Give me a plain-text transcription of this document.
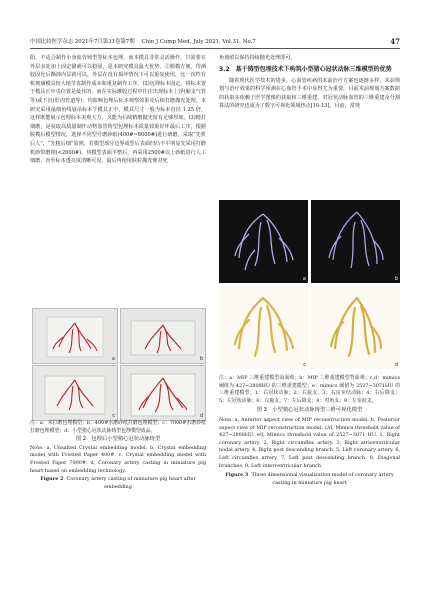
中国比较医学杂志 2021年7月第31卷第7期 Chin J Comp Med, July 2021, Vol.31, No.7	47

阳，不适合制作小身血管铸型等标本包埋，而本模具非常灵活操作，只需要在外层多处加上固定锚就可以稳固，是本研究模具最大优势。⑤脱模方便，待测胶固化后撕掉内层就可以，外层在没有损坏情况下可以重复使用，比一次性有机玻璃模具较大地节省制作成本和重复制作工序。(2)包埋标本固定，将标本置于模具正中央位置是最佳的，而在实际灌胶过程中往往出现标本上浮(肺支气管等)或下沉(肝内管道等)，均影响包埋后标本观察效果及后续打磨抛光处理。本研究采用最细鱼线悬吊标本于模具正中，模具尺寸一般为标本直径 1.25 倍，这样既能展示包埋标本美观大方，又能为后续精磨抛光留有足够厚度。(3)精打细磨，是获取高质量制作动物血管铸型包埋标本质量效果好坏最后工序，根据脱模后模型情况，选择不同型号磨砂纸(400#~8000#)进行研磨，采取“先机后人”、“先粗后细”原则，若模型部分边界成型后表面凹凸不平明显先采用打磨机砂带磨削(<2000#)，待模型表面平整后，再采用2500#以上砂纸进行人工细磨，直至标本透亮度清晰可见，最后再使用肤粒抛光膏对死

a	b
c	d
注：a：未打磨包埋模型；b：400#水磨砂纸打磨包埋模型；c：7000#水磨砂纸打磨包埋模型；d：小型猪心冠状动脉铸型包埋模型成品。
图 2　包埋后小型猪心冠状动脉铸型
Note. a, Unsalted Crystal embedding model. b, Crystal embedding model with Frosted Paper 400#. c, Crystal embedding model with Frosted Paper 7000#. d, Coronary artery casting in miniature pig heart based on embedding technology.
Figure 2 Coronary artery casting of miniature pig heart after embedding

角划痕以保持持续抛光处理即可。

3.2　基于铸型包埋技术下构筑小型猪心冠状动脉三维模型的优势

随着现代医学技术的进步，心血管疾病的术前治疗方案也逐渐多样，术前规划与治疗效果的科学预测在心血管手术中显得尤为重要，目前术前规划方案数据的获取多依赖于医学图像的获取和三维重建，对冠状动脉血管的三维重建及分割算法的研究也成为了数字可视化领域热点[10-13]。目前，常规

a	b
c	d
注：a：MIP 三维重建模型前面观；b：MIP 三维重建模型背面观；c,d：mimics 阈值为 427~2808HU 的三维重建模型；e：mimics 阈值为 2527~3071HU 的三维重建模型。1：右冠状动脉；2：右旋支；3：右房室结动脉；4：右后降支；5：左冠状动脉；6：左旋支；7：左后降支；8：对角支；9：左室间支。
图 3　小型猪心冠状动脉铸型三维可视化模型
Note. a, Anterior aspect view of MIP reconstruction model. b, Posterior aspect view of MIP reconstruction model. c/d, Mimics threshold value of 427~2808HU. e/f, Mimics threshold value of 2527~3071 HU. 1, Right coronary artery. 2, Right circumflex artery. 3, Right atrioventricular nodal artery. 4, Right post descending branch. 5, Left coronary artery. 6, Left circumflex artery. 7, Left post descending branch. 8, Diagonal branches. 9, Left interventricular branch.
Figure 3 Three dimensional visualization model of coronary artery casting in miniature pig heart
